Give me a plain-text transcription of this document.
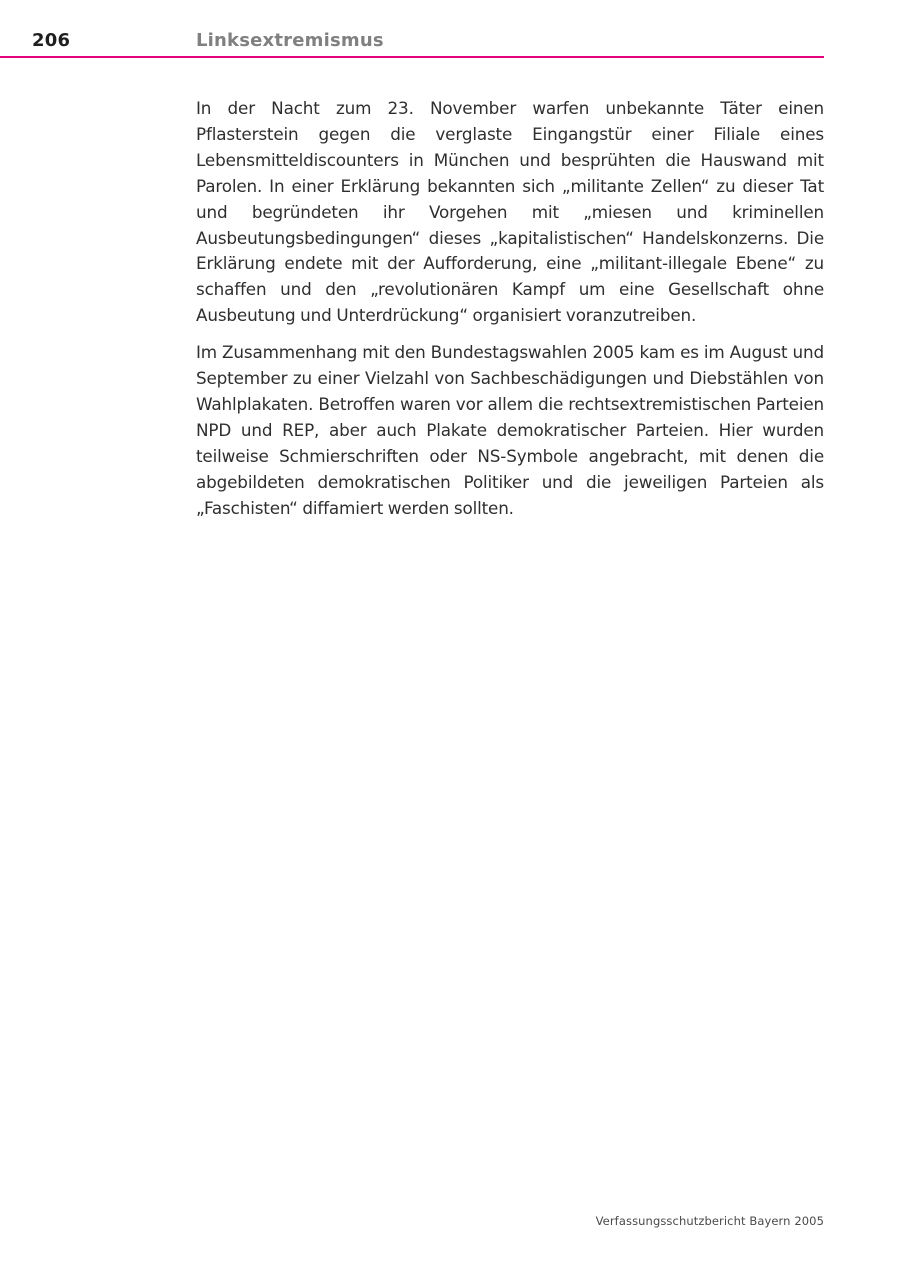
206	Linksextremismus

In der Nacht zum 23. November warfen unbekannte Täter einen Pflasterstein gegen die verglaste Eingangstür einer Filiale eines Lebensmitteldiscounters in München und besprühten die Hauswand mit Parolen. In einer Erklärung bekannten sich „militante Zellen“ zu dieser Tat und begründeten ihr Vorgehen mit „miesen und kriminellen Ausbeutungsbedingungen“ dieses „kapitalistischen“ Handelskonzerns. Die Erklärung endete mit der Aufforderung, eine „militant-illegale Ebene“ zu schaffen und den „revolutionären Kampf um eine Gesellschaft ohne Ausbeutung und Unterdrückung“ organisiert voranzutreiben.

Im Zusammenhang mit den Bundestagswahlen 2005 kam es im August und September zu einer Vielzahl von Sachbeschädigungen und Diebstählen von Wahlplakaten. Betroffen waren vor allem die rechtsextremistischen Parteien NPD und REP, aber auch Plakate demokratischer Parteien. Hier wurden teilweise Schmierschriften oder NS-Symbole angebracht, mit denen die abgebildeten demokratischen Politiker und die jeweiligen Parteien als „Faschisten“ diffamiert werden sollten.

Verfassungsschutzbericht Bayern 2005
